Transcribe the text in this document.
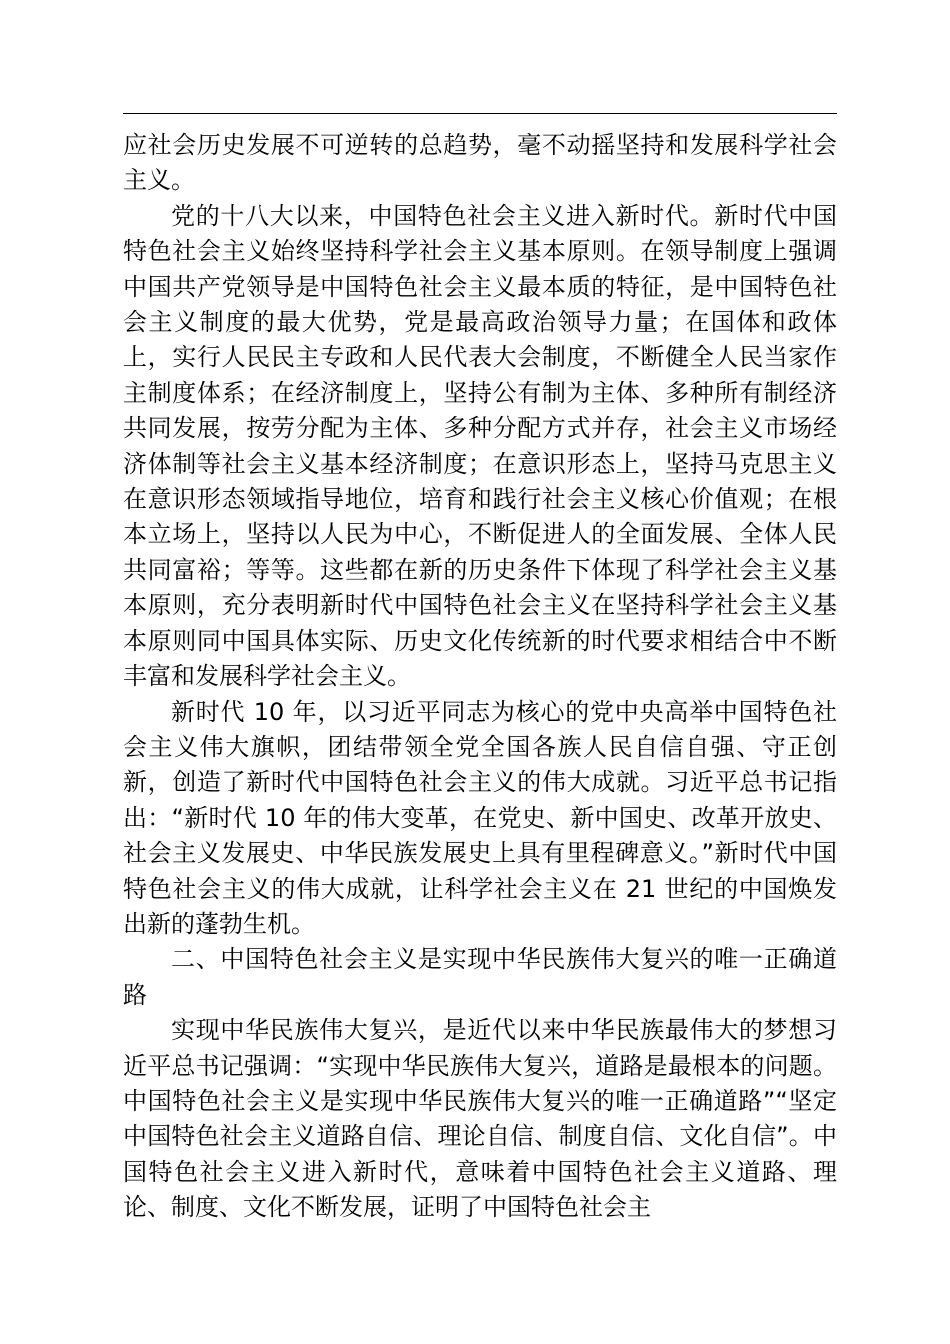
应社会历史发展不可逆转的总趋势，毫不动摇坚持和发展科学社会主义。

党的十八大以来，中国特色社会主义进入新时代。新时代中国特色社会主义始终坚持科学社会主义基本原则。在领导制度上强调中国共产党领导是中国特色社会主义最本质的特征，是中国特色社会主义制度的最大优势，党是最高政治领导力量；在国体和政体上，实行人民民主专政和人民代表大会制度，不断健全人民当家作主制度体系；在经济制度上，坚持公有制为主体、多种所有制经济共同发展，按劳分配为主体、多种分配方式并存，社会主义市场经济体制等社会主义基本经济制度；在意识形态上，坚持马克思主义在意识形态领域指导地位，培育和践行社会主义核心价值观；在根本立场上，坚持以人民为中心，不断促进人的全面发展、全体人民共同富裕；等等。这些都在新的历史条件下体现了科学社会主义基本原则，充分表明新时代中国特色社会主义在坚持科学社会主义基本原则同中国具体实际、历史文化传统新的时代要求相结合中不断丰富和发展科学社会主义。

新时代 10 年，以习近平同志为核心的党中央高举中国特色社会主义伟大旗帜，团结带领全党全国各族人民自信自强、守正创新，创造了新时代中国特色社会主义的伟大成就。习近平总书记指出：“新时代 10 年的伟大变革，在党史、新中国史、改革开放史、社会主义发展史、中华民族发展史上具有里程碑意义。”新时代中国特色社会主义的伟大成就，让科学社会主义在 21 世纪的中国焕发出新的蓬勃生机。

二、中国特色社会主义是实现中华民族伟大复兴的唯一正确道路

实现中华民族伟大复兴，是近代以来中华民族最伟大的梦想习近平总书记强调：“实现中华民族伟大复兴，道路是最根本的问题。中国特色社会主义是实现中华民族伟大复兴的唯一正确道路”“坚定中国特色社会主义道路自信、理论自信、制度自信、文化自信”。中国特色社会主义进入新时代，意味着中国特色社会主义道路、理论、制度、文化不断发展，证明了中国特色社会主
